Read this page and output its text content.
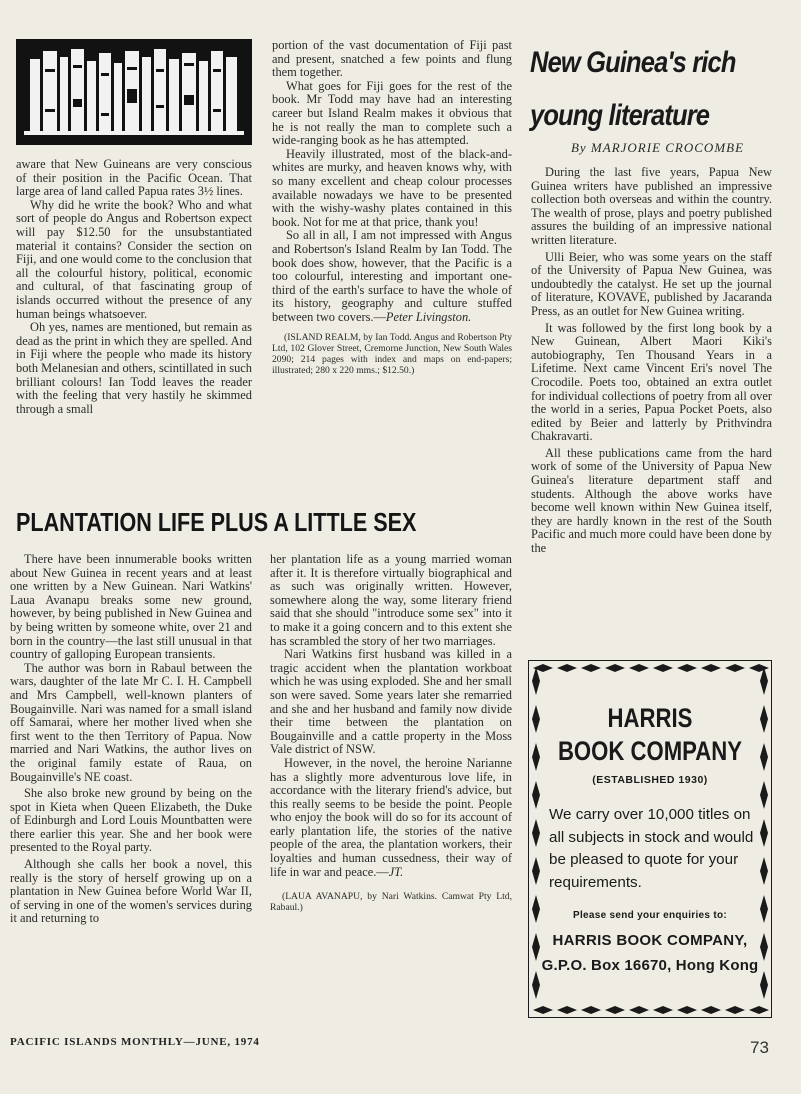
aware that New Guineans are very conscious of their position in the Pacific Ocean. That large area of land called Papua rates 3½ lines.

Why did he write the book? Who and what sort of people do Angus and Robertson expect will pay $12.50 for the unsubstantiated material it contains? Consider the section on Fiji, and one would come to the conclusion that all the colourful history, political, economic and cultural, of that fascinating group of islands occurred without the presence of any human beings whatsoever.

Oh yes, names are mentioned, but remain as dead as the print in which they are spelled. And in Fiji where the people who made its history both Melanesian and others, scintillated in such brilliant colours! Ian Todd leaves the reader with the feeling that very hastily he skimmed through a small

portion of the vast documentation of Fiji past and present, snatched a few points and flung them together.

What goes for Fiji goes for the rest of the book. Mr Todd may have had an interesting career but Island Realm makes it obvious that he is not really the man to complete such a wide-ranging book as he has attempted.

Heavily illustrated, most of the black-and-whites are murky, and heaven knows why, with so many excellent and cheap colour processes available nowadays we have to be presented with the wishy-washy plates contained in this book. Not for me at that price, thank you!

So all in all, I am not impressed with Angus and Robertson's Island Realm by Ian Todd. The book does show, however, that the Pacific is a too colourful, interesting and important one-third of the earth's surface to have the whole of its history, geography and culture stuffed between two covers.—Peter Livingston.

(ISLAND REALM, by Ian Todd. Angus and Robertson Pty Ltd, 102 Glover Street, Cremorne Junction, New South Wales 2090; 214 pages with index and maps on end-papers; illustrated; 280 x 220 mms.; $12.50.)

New Guinea's rich
young literature
By MARJORIE CROCOMBE

During the last five years, Papua New Guinea writers have published an impressive collection both overseas and within the country. The wealth of prose, plays and poetry published assures the building of an impressive national written literature.

Ulli Beier, who was some years on the staff of the University of Papua New Guinea, was undoubtedly the catalyst. He set up the journal of literature, KOVAVE, published by Jacaranda Press, as an outlet for New Guinea writing.

It was followed by the first long book by a New Guinean, Albert Maori Kiki's autobiography, Ten Thousand Years in a Lifetime. Next came Vincent Eri's novel The Crocodile. Poets too, obtained an extra outlet for individual collections of poetry from all over the world in a series, Papua Pocket Poets, also edited by Beier and latterly by Prithvindra Chakravarti.

All these publications came from the hard work of some of the University of Papua New Guinea's literature department staff and students. Although the above works have become well known within New Guinea itself, they are hardly known in the rest of the South Pacific and much more could have been done by the

PLANTATION LIFE PLUS A LITTLE SEX

There have been innumerable books written about New Guinea in recent years and at least one written by a New Guinean. Nari Watkins' Laua Avanapu breaks some new ground, however, by being published in New Guinea and by being written by someone white, over 21 and born in the country—the last still unusual in that country of galloping European transients.

The author was born in Rabaul between the wars, daughter of the late Mr C. I. H. Campbell and Mrs Campbell, well-known planters of Bougainville. Nari was named for a small island off Samarai, where her mother lived when she first went to the then Territory of Papua. Now married and Nari Watkins, the author lives on the original family estate of Raua, on Bougainville's NE coast.

She also broke new ground by being on the spot in Kieta when Queen Elizabeth, the Duke of Edinburgh and Lord Louis Mountbatten were there earlier this year. She and her book were presented to the Royal party.

Although she calls her book a novel, this really is the story of herself growing up on a plantation in New Guinea before World War II, of serving in one of the women's services during it and returning to

her plantation life as a young married woman after it. It is therefore virtually biographical and as such was originally written. However, somewhere along the way, some literary friend said that she should "introduce some sex" into it to make it a going concern and to this extent she has scrambled the story of her two marriages.

Nari Watkins first husband was killed in a tragic accident when the plantation workboat which he was using exploded. She and her small son were saved. Some years later she remarried and she and her husband and family now divide their time between the plantation on Bougainville and a cattle property in the Moss Vale district of NSW.

However, in the novel, the heroine Narianne has a slightly more adventurous love life, in accordance with the literary friend's advice, but this really seems to be beside the point. People who enjoy the book will do so for its account of early plantation life, the stories of the native people of the area, the plantation workers, their loyalties and human cussedness, their way of life in war and peace.—JT.

(LAUA AVANAPU, by Nari Watkins. Camwat Pty Ltd, Rabaul.)

HARRIS
BOOK COMPANY
(ESTABLISHED 1930)
We carry over 10,000 titles on all subjects in stock and would be pleased to quote for your requirements.
Please send your enquiries to:
HARRIS BOOK COMPANY,
G.P.O. Box 16670, Hong Kong
PACIFIC ISLANDS MONTHLY—JUNE, 1974	73
